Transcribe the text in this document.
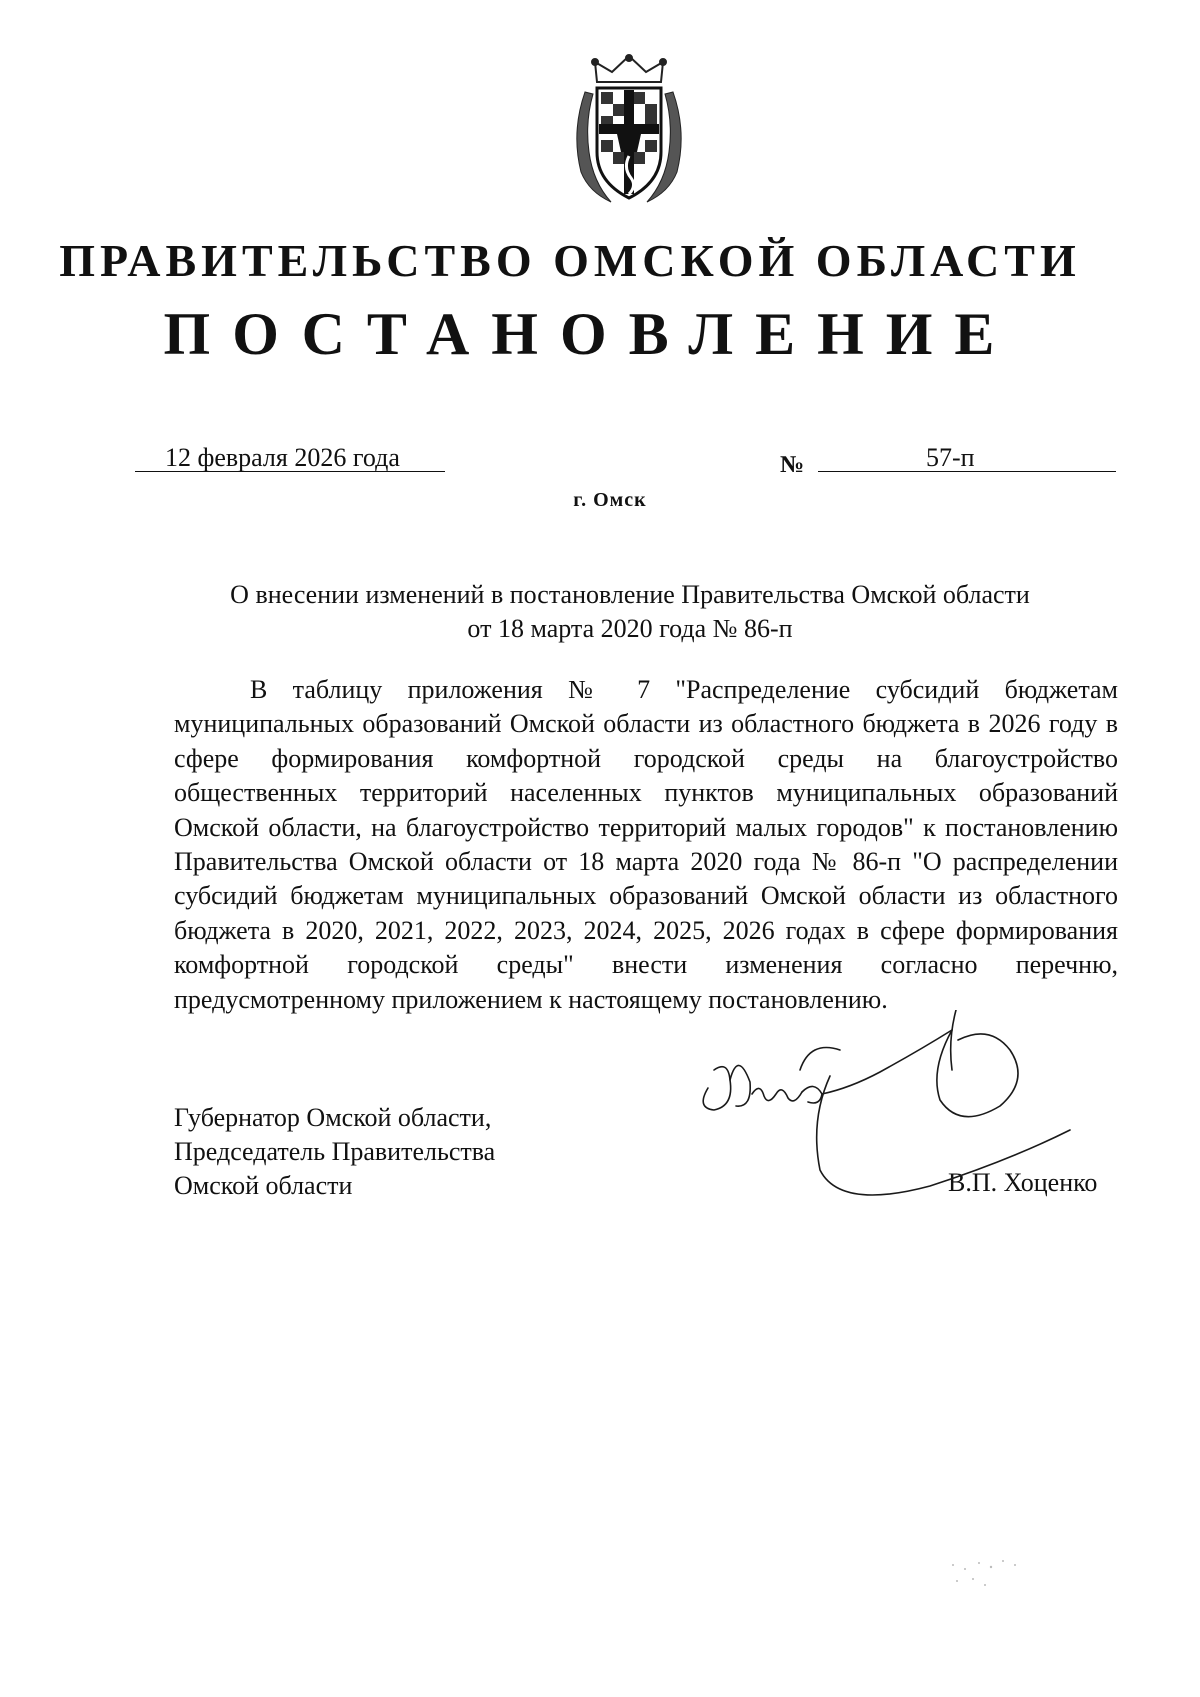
ПРАВИТЕЛЬСТВО ОМСКОЙ ОБЛАСТИ
ПОСТАНОВЛЕНИЕ
12 февраля 2026 года	№	57-п
г. Омск
О внесении изменений в постановление Правительства Омской области
от 18 марта 2020 года № 86-п

В таблицу приложения № 7 "Распределение субсидий бюджетам муниципальных образований Омской области из областного бюджета в 2026 году в сфере формирования комфортной городской среды на благоустройство общественных территорий населенных пунктов муниципальных образований Омской области, на благоустройство территорий малых городов" к постановлению Правительства Омской области от 18 марта 2020 года № 86-п "О распределении субсидий бюджетам муниципальных образований Омской области из областного бюджета в 2020, 2021, 2022, 2023, 2024, 2025, 2026 годах в сфере формирования комфортной городской среды" внести изменения согласно перечню, предусмотренному приложением к настоящему постановлению.

Губернатор Омской области,
Председатель Правительства
Омской области	В.П. Хоценко
